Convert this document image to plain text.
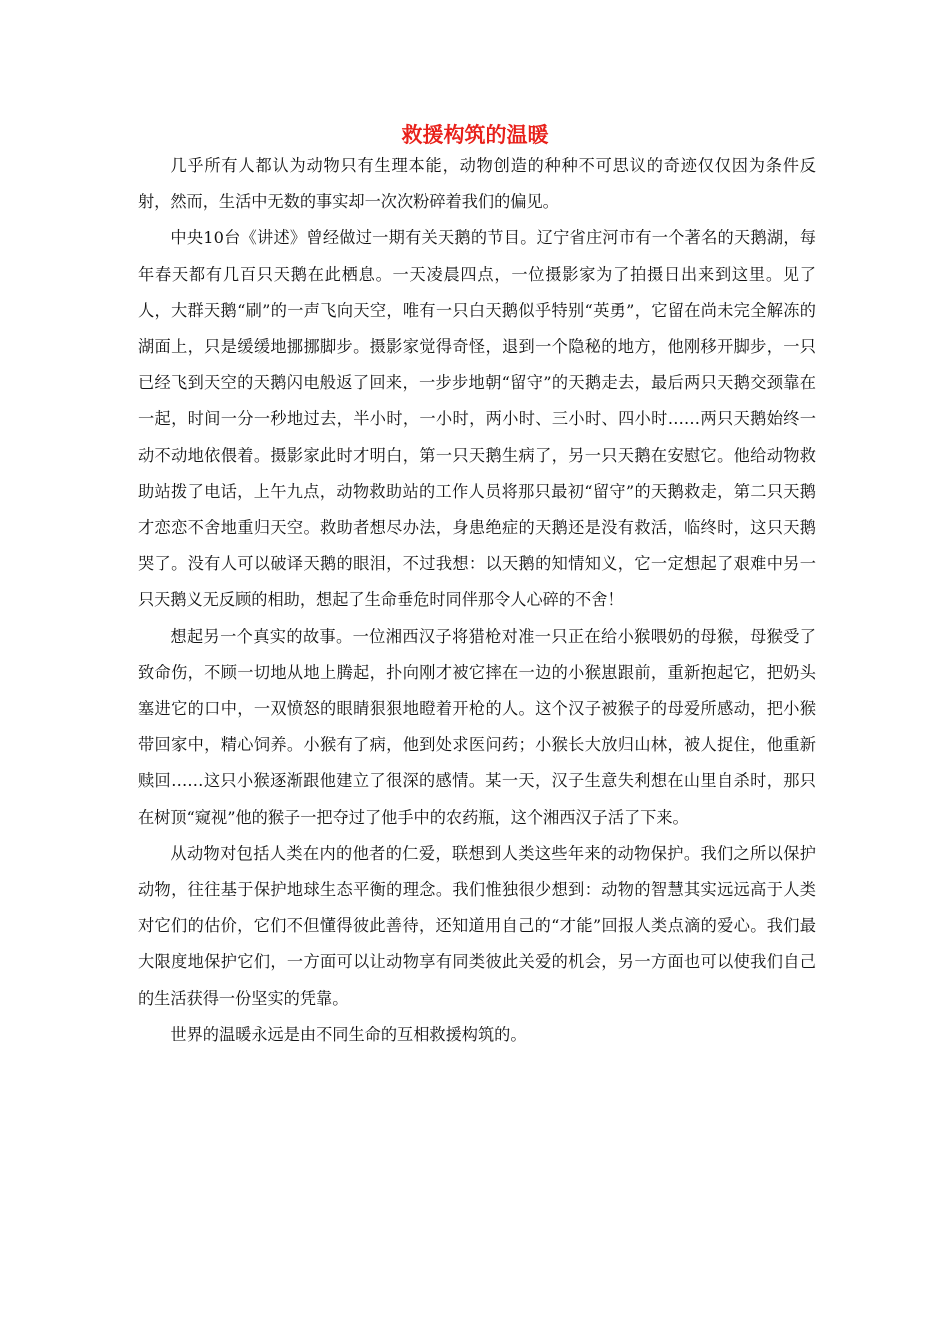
救援构筑的温暖

几乎所有人都认为动物只有生理本能，动物创造的种种不可思议的奇迹仅仅因为条件反射，然而，生活中无数的事实却一次次粉碎着我们的偏见。

中央10台《讲述》曾经做过一期有关天鹅的节目。辽宁省庄河市有一个著名的天鹅湖，每年春天都有几百只天鹅在此栖息。一天凌晨四点，一位摄影家为了拍摄日出来到这里。见了人，大群天鹅“刷”的一声飞向天空，唯有一只白天鹅似乎特别“英勇”，它留在尚未完全解冻的湖面上，只是缓缓地挪挪脚步。摄影家觉得奇怪，退到一个隐秘的地方，他刚移开脚步，一只已经飞到天空的天鹅闪电般返了回来，一步步地朝“留守”的天鹅走去，最后两只天鹅交颈靠在一起，时间一分一秒地过去，半小时，一小时，两小时、三小时、四小时……两只天鹅始终一动不动地依偎着。摄影家此时才明白，第一只天鹅生病了，另一只天鹅在安慰它。他给动物救助站拨了电话，上午九点，动物救助站的工作人员将那只最初“留守”的天鹅救走，第二只天鹅才恋恋不舍地重归天空。救助者想尽办法，身患绝症的天鹅还是没有救活，临终时，这只天鹅哭了。没有人可以破译天鹅的眼泪，不过我想：以天鹅的知情知义，它一定想起了艰难中另一只天鹅义无反顾的相助，想起了生命垂危时同伴那令人心碎的不舍！

想起另一个真实的故事。一位湘西汉子将猎枪对准一只正在给小猴喂奶的母猴，母猴受了致命伤，不顾一切地从地上腾起，扑向刚才被它摔在一边的小猴崽跟前，重新抱起它，把奶头塞进它的口中，一双愤怒的眼睛狠狠地瞪着开枪的人。这个汉子被猴子的母爱所感动，把小猴带回家中，精心饲养。小猴有了病，他到处求医问药；小猴长大放归山林，被人捉住，他重新赎回……这只小猴逐渐跟他建立了很深的感情。某一天，汉子生意失利想在山里自杀时，那只在树顶“窥视”他的猴子一把夺过了他手中的农药瓶，这个湘西汉子活了下来。

从动物对包括人类在内的他者的仁爱，联想到人类这些年来的动物保护。我们之所以保护动物，往往基于保护地球生态平衡的理念。我们惟独很少想到：动物的智慧其实远远高于人类对它们的估价，它们不但懂得彼此善待，还知道用自己的“才能”回报人类点滴的爱心。我们最大限度地保护它们，一方面可以让动物享有同类彼此关爱的机会，另一方面也可以使我们自己的生活获得一份坚实的凭靠。

世界的温暖永远是由不同生命的互相救援构筑的。
